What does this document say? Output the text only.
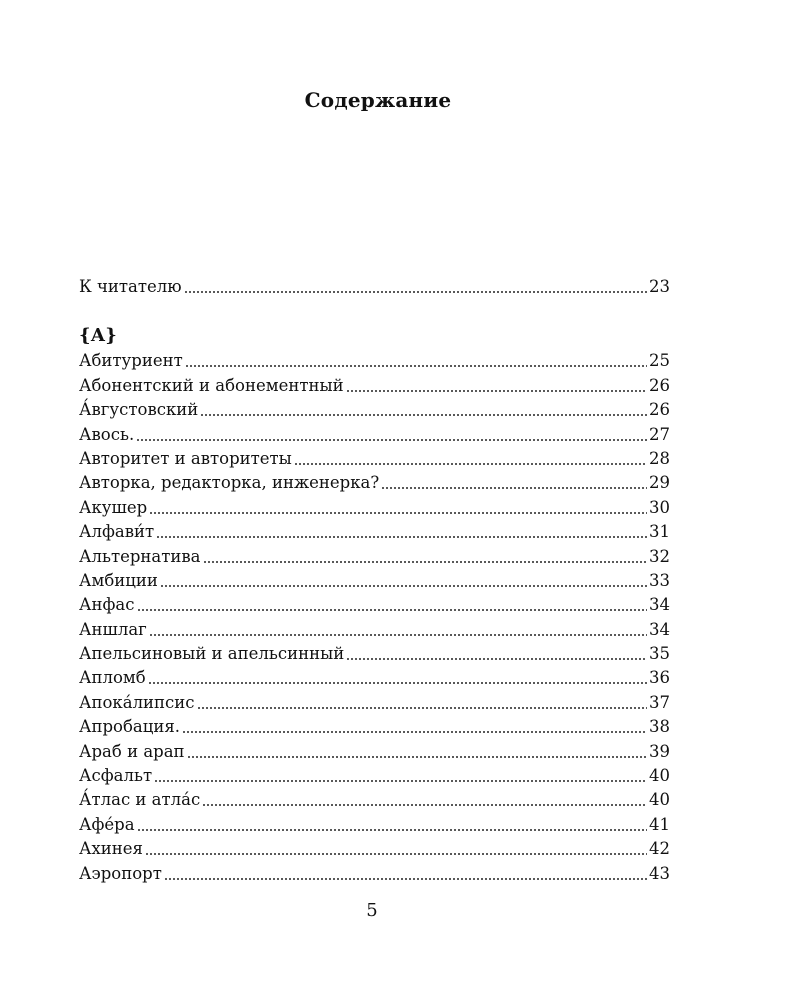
Содержание
К читателю	23
{А}
Абитуриент	25
Абонентский и абонементный	26
А́вгустовский	26
Авось.	27
Авторитет и авторитеты	28
Авторка, редакторка, инженерка?	29
Акушер	30
Алфави́т	31
Альтернатива	32
Амбиции	33
Анфас	34
Аншлаг	34
Апельсиновый и апельсинный	35
Апломб	36
Апока́липсис	37
Апробация.	38
Араб и арап	39
Асфальт	40
А́тлас и атла́с	40
Афе́ра	41
Ахинея	42
Аэропорт	43
5
